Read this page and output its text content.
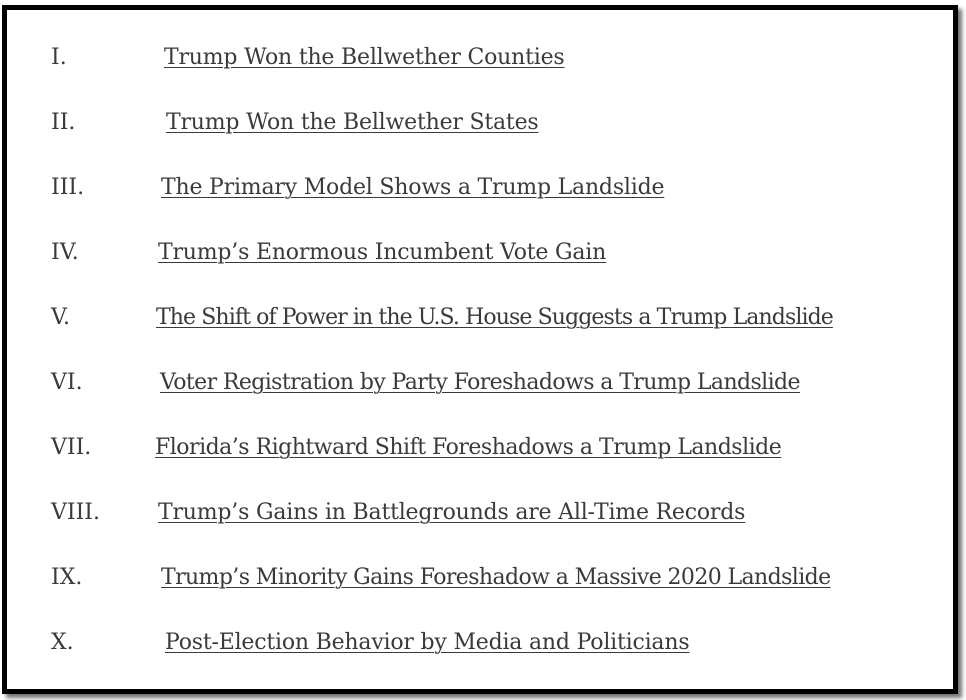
I.	Trump Won the Bellwether Counties
II.	Trump Won the Bellwether States
III.	The Primary Model Shows a Trump Landslide
IV.	Trump’s Enormous Incumbent Vote Gain
V.	The Shift of Power in the U.S. House Suggests a Trump Landslide
VI.	Voter Registration by Party Foreshadows a Trump Landslide
VII.	Florida’s Rightward Shift Foreshadows a Trump Landslide
VIII.	Trump’s Gains in Battlegrounds are All-Time Records
IX.	Trump’s Minority Gains Foreshadow a Massive 2020 Landslide
X.	Post-Election Behavior by Media and Politicians
